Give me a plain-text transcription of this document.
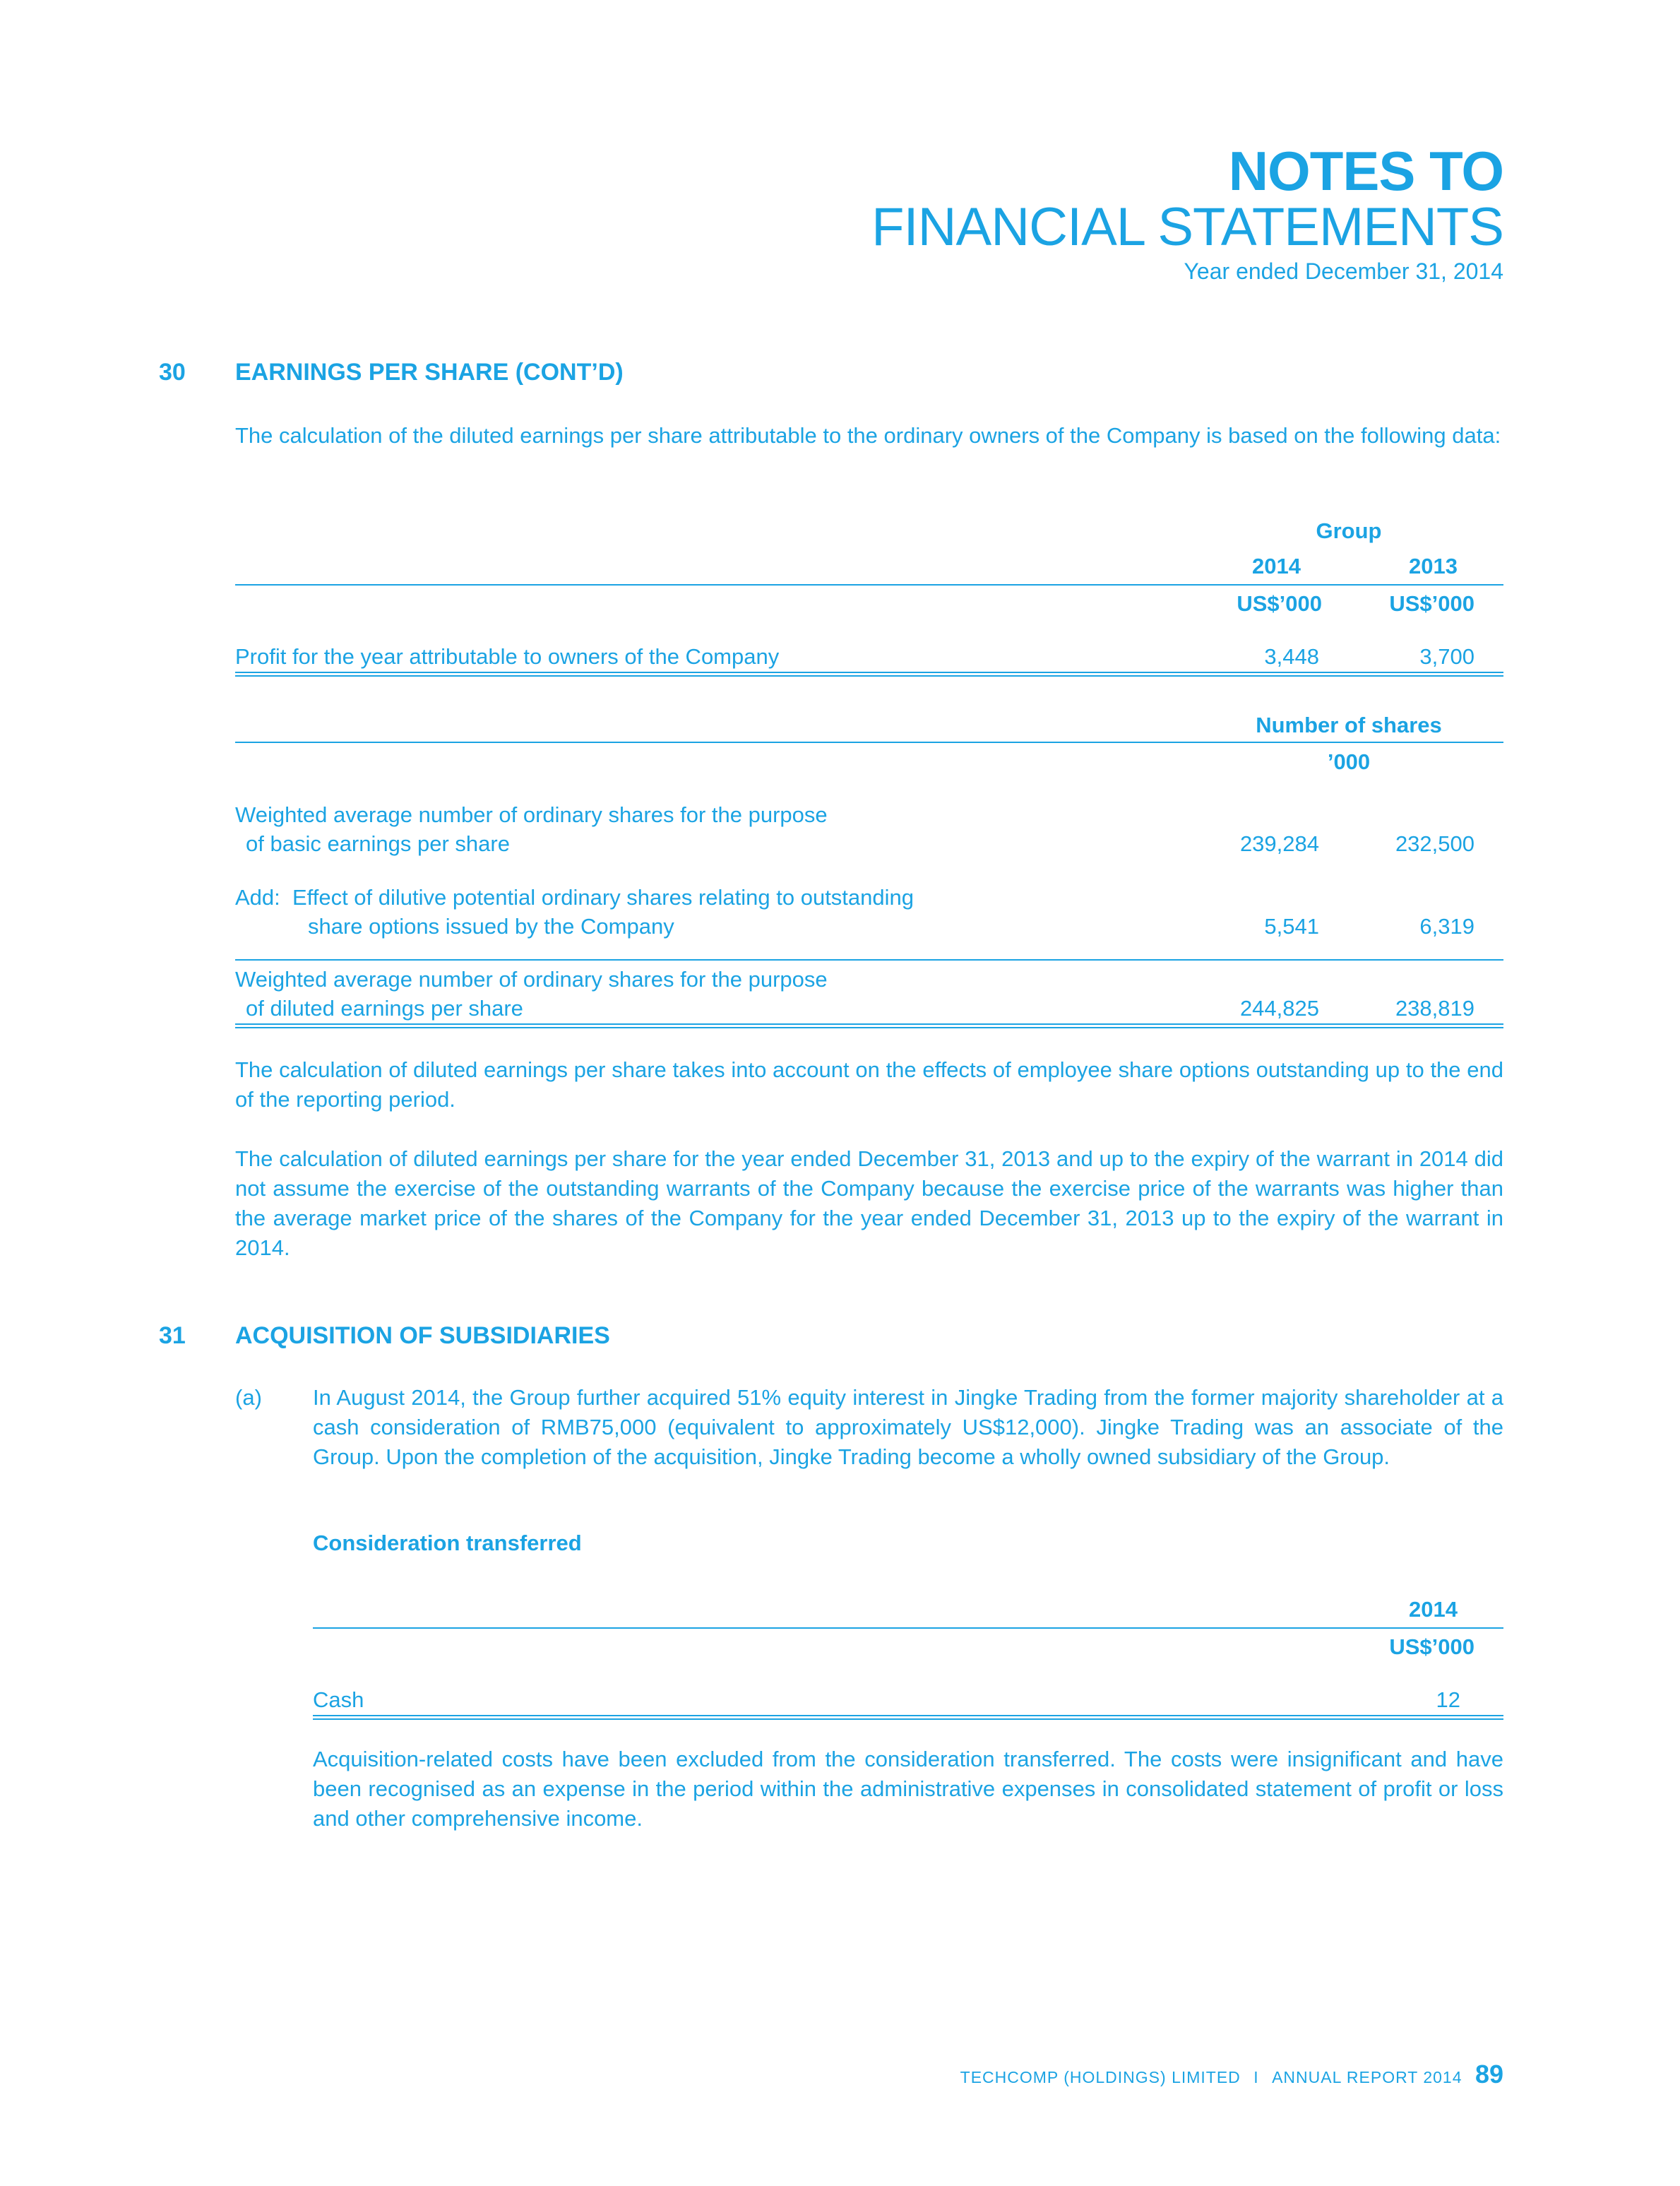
NOTES TO
FINANCIAL STATEMENTS
Year ended December 31, 2014
30 EARNINGS PER SHARE (CONT’D)
The calculation of the diluted earnings per share attributable to the ordinary owners of the Company is based on the following data:
Group
2014	2013
US$’000	US$’000
Profit for the year attributable to owners of the Company	3,448	3,700
Number of shares
’000
Weighted average number of ordinary shares for the purpose
of basic earnings per share	239,284	232,500
Add:  Effect of dilutive potential ordinary shares relating to outstanding
share options issued by the Company	5,541	6,319
Weighted average number of ordinary shares for the purpose
of diluted earnings per share	244,825	238,819
The calculation of diluted earnings per share takes into account on the effects of employee share options outstanding up to the end of the reporting period.
The calculation of diluted earnings per share for the year ended December 31, 2013 and up to the expiry of the warrant in 2014 did not assume the exercise of the outstanding warrants of the Company because the exercise price of the warrants was higher than the average market price of the shares of the Company for the year ended December 31, 2013 up to the expiry of the warrant in 2014.
31 ACQUISITION OF SUBSIDIARIES
(a) In August 2014, the Group further acquired 51% equity interest in Jingke Trading from the former majority shareholder at a cash consideration of RMB75,000 (equivalent to approximately US$12,000). Jingke Trading was an associate of the Group. Upon the completion of the acquisition, Jingke Trading become a wholly owned subsidiary of the Group.
Consideration transferred
2014
US$’000
Cash	12
Acquisition-related costs have been excluded from the consideration transferred. The costs were insignificant and have been recognised as an expense in the period within the administrative expenses in consolidated statement of profit or loss and other comprehensive income.
TECHCOMP (HOLDINGS) LIMITED I ANNUAL REPORT 2014 89
